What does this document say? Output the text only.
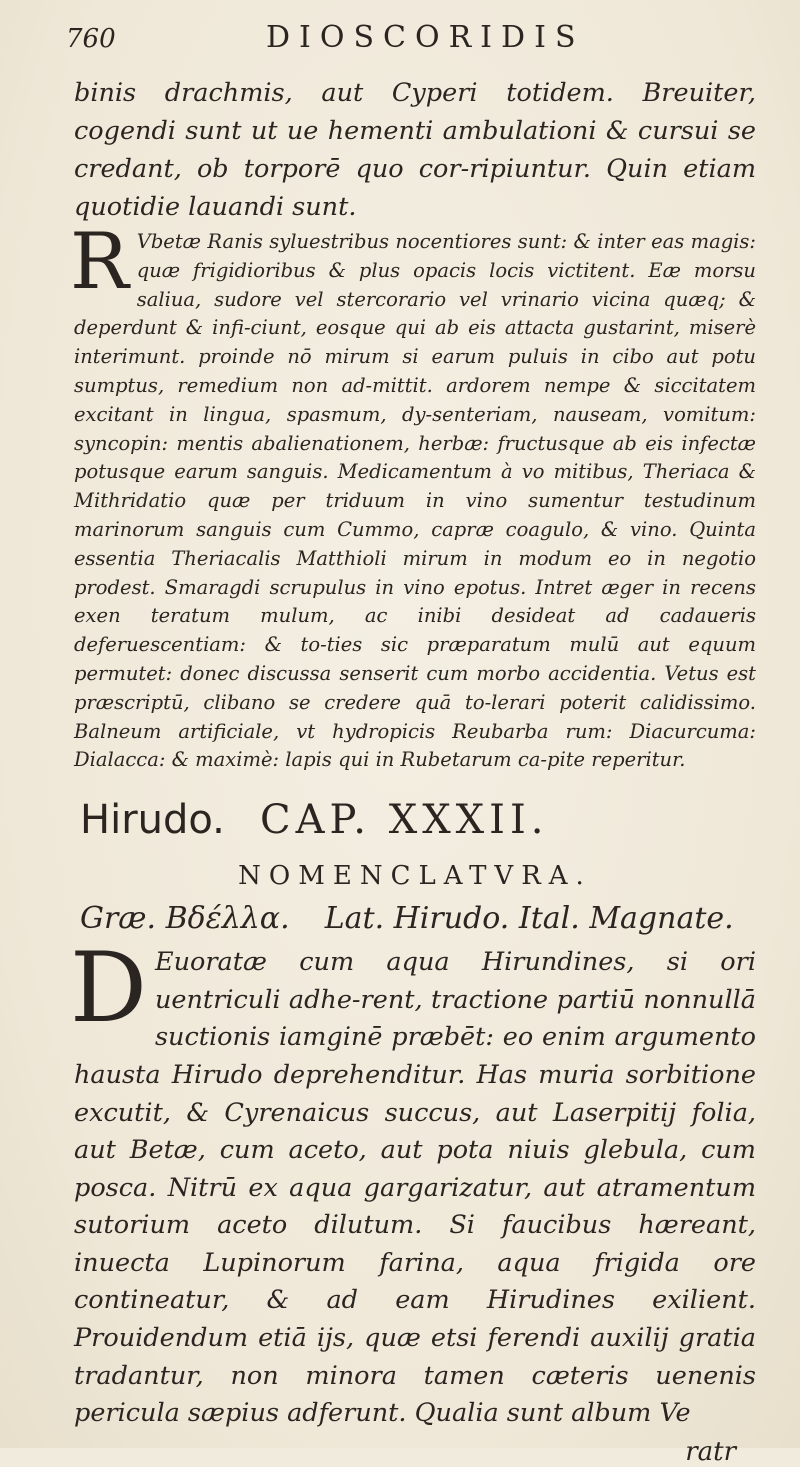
760	DIOSCORIDIS

binis drachmis, aut Cyperi totidem. Breuiter, cogendi sunt ut ue hementi ambulationi & cursui se credant, ob torporē quo cor-ripiuntur. Quin etiam quotidie lauandi sunt.

R Vbetæ Ranis syluestribus nocentiores sunt: & inter eas magis: quæ frigidioribus & plus opacis locis victitent. Eæ morsu saliua, sudore vel stercorario vel vrinario vicina quæq; & deperdunt & infi-ciunt, eosque qui ab eis attacta gustarint, miserè interimunt. proinde nō mirum si earum puluis in cibo aut potu sumptus, remedium non ad-mittit. ardorem nempe & siccitatem excitant in lingua, spasmum, dy-senteriam, nauseam, vomitum: syncopin: mentis abalienationem, herbæ: fructusque ab eis infectæ potusque earum sanguis. Medicamentum à vo mitibus, Theriaca & Mithridatio quæ per triduum in vino sumentur testudinum marinorum sanguis cum Cummo, capræ coagulo, & vino. Quinta essentia Theriacalis Matthioli mirum in modum eo in negotio prodest. Smaragdi scrupulus in vino epotus. Intret æger in recens exen teratum mulum, ac inibi desideat ad cadaueris deferuescentiam: & to-ties sic præparatum mulū aut equum permutet: donec discussa senserit cum morbo accidentia. Vetus est præscriptū, clibano se credere quā to-lerari poterit calidissimo. Balneum artificiale, vt hydropicis Reubarba rum: Diacurcuma: Dialacca: & maximè: lapis qui in Rubetarum ca-pite reperitur.
Hirudo. CAP. XXXII.
NOMENCLATVRA.
Græ. Βδέλλα. Lat. Hirudo. Ital. Magnate.
D Euoratæ cum aqua Hirundines, si ori uentriculi adhe-rent, tractione partiū nonnullā suctionis iamginē præbēt: eo enim argumento hausta Hirudo deprehenditur. Has muria sorbitione excutit, & Cyrenaicus succus, aut Laserpitij folia, aut Betæ, cum aceto, aut pota niuis glebula, cum posca. Nitrū ex aqua gargarizatur, aut atramentum sutorium aceto dilutum. Si faucibus hæreant, inuecta Lupinorum farina, aqua frigida ore contineatur, & ad eam Hirudines exilient. Prouidendum etiā ijs, quæ etsi ferendi auxilij gratia tradantur, non minora tamen cæteris uenenis pericula sæpius adferunt. Qualia sunt album Ve
ratr
